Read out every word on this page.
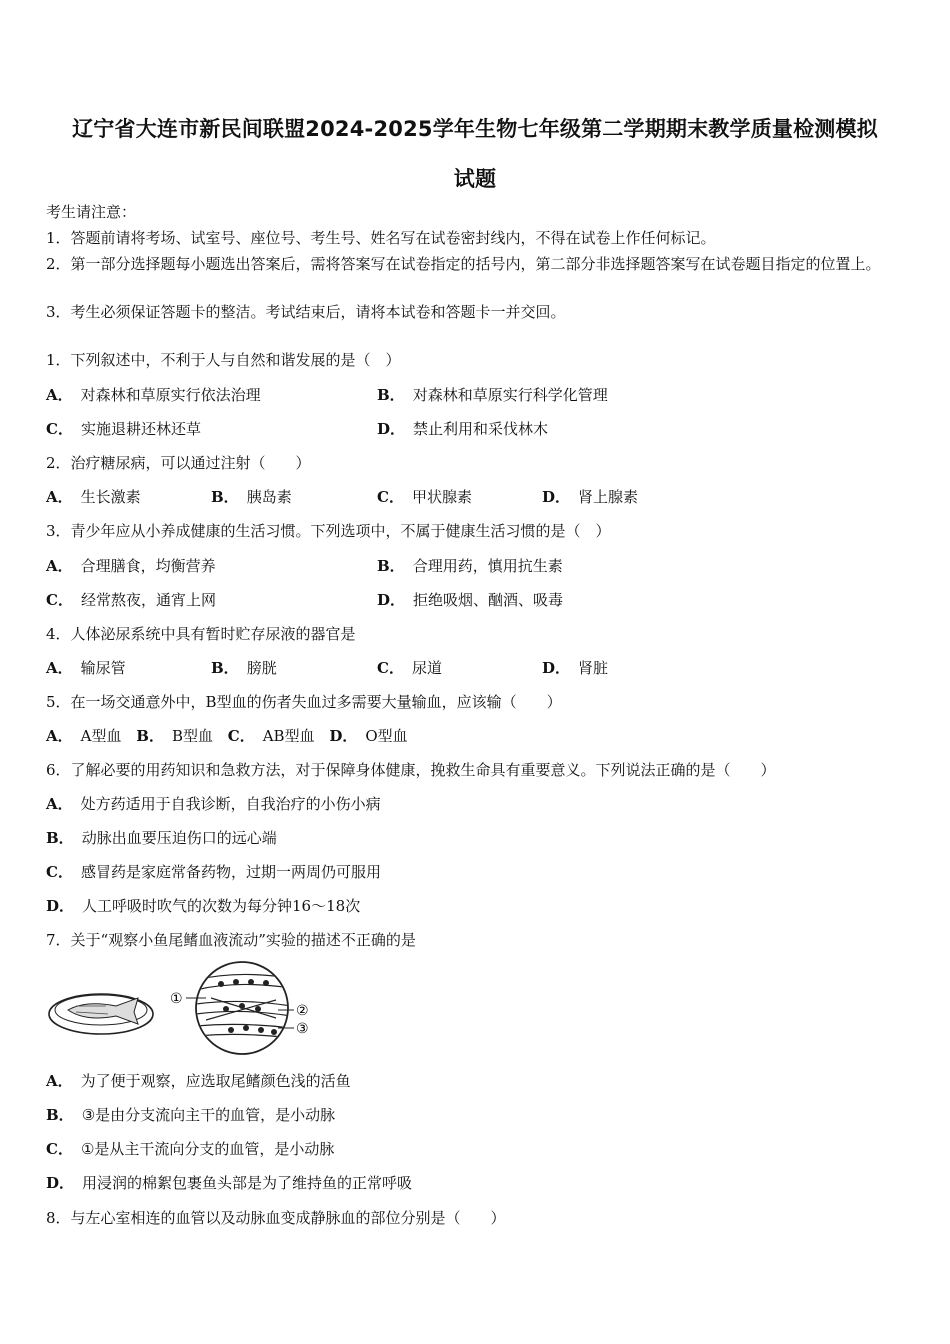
辽宁省大连市新民间联盟2024-2025学年生物七年级第二学期期末教学质量检测模拟
试题
考生请注意：
1．答题前请将考场、试室号、座位号、考生号、姓名写在试卷密封线内，不得在试卷上作任何标记。
2．第一部分选择题每小题选出答案后，需将答案写在试卷指定的括号内，第二部分非选择题答案写在试卷题目指定的位置上。
3．考生必须保证答题卡的整洁。考试结束后，请将本试卷和答题卡一并交回。
1．下列叙述中，不利于人与自然和谐发展的是（　）
A． 对森林和草原实行依法治理	B． 对森林和草原实行科学化管理
C． 实施退耕还林还草	D． 禁止利用和采伐林木
2．治疗糖尿病，可以通过注射（　　）
A． 生长激素	B． 胰岛素	C． 甲状腺素	D． 肾上腺素
3．青少年应从小养成健康的生活习惯。下列选项中，不属于健康生活习惯的是（　）
A． 合理膳食，均衡营养	B． 合理用药，慎用抗生素
C． 经常熬夜，通宵上网	D． 拒绝吸烟、酗酒、吸毒
4．人体泌尿系统中具有暂时贮存尿液的器官是
A． 输尿管	B． 膀胱	C． 尿道	D． 肾脏
5．在一场交通意外中，B型血的伤者失血过多需要大量输血，应该输（　　）
A． A型血 B． B型血 C． AB型血 D． O型血
6．了解必要的用药知识和急救方法，对于保障身体健康，挽救生命具有重要意义。下列说法正确的是（　　）
A． 处方药适用于自我诊断，自我治疗的小伤小病
B． 动脉出血要压迫伤口的远心端
C． 感冒药是家庭常备药物，过期一两周仍可服用
D． 人工呼吸时吹气的次数为每分钟16～18次
7．关于“观察小鱼尾鳍血液流动”实验的描述不正确的是
①
②
③
A． 为了便于观察，应选取尾鳍颜色浅的活鱼
B． ③是由分支流向主干的血管，是小动脉
C． ①是从主干流向分支的血管，是小动脉
D． 用浸润的棉絮包裹鱼头部是为了维持鱼的正常呼吸
8．与左心室相连的血管以及动脉血变成静脉血的部位分别是（　　）
